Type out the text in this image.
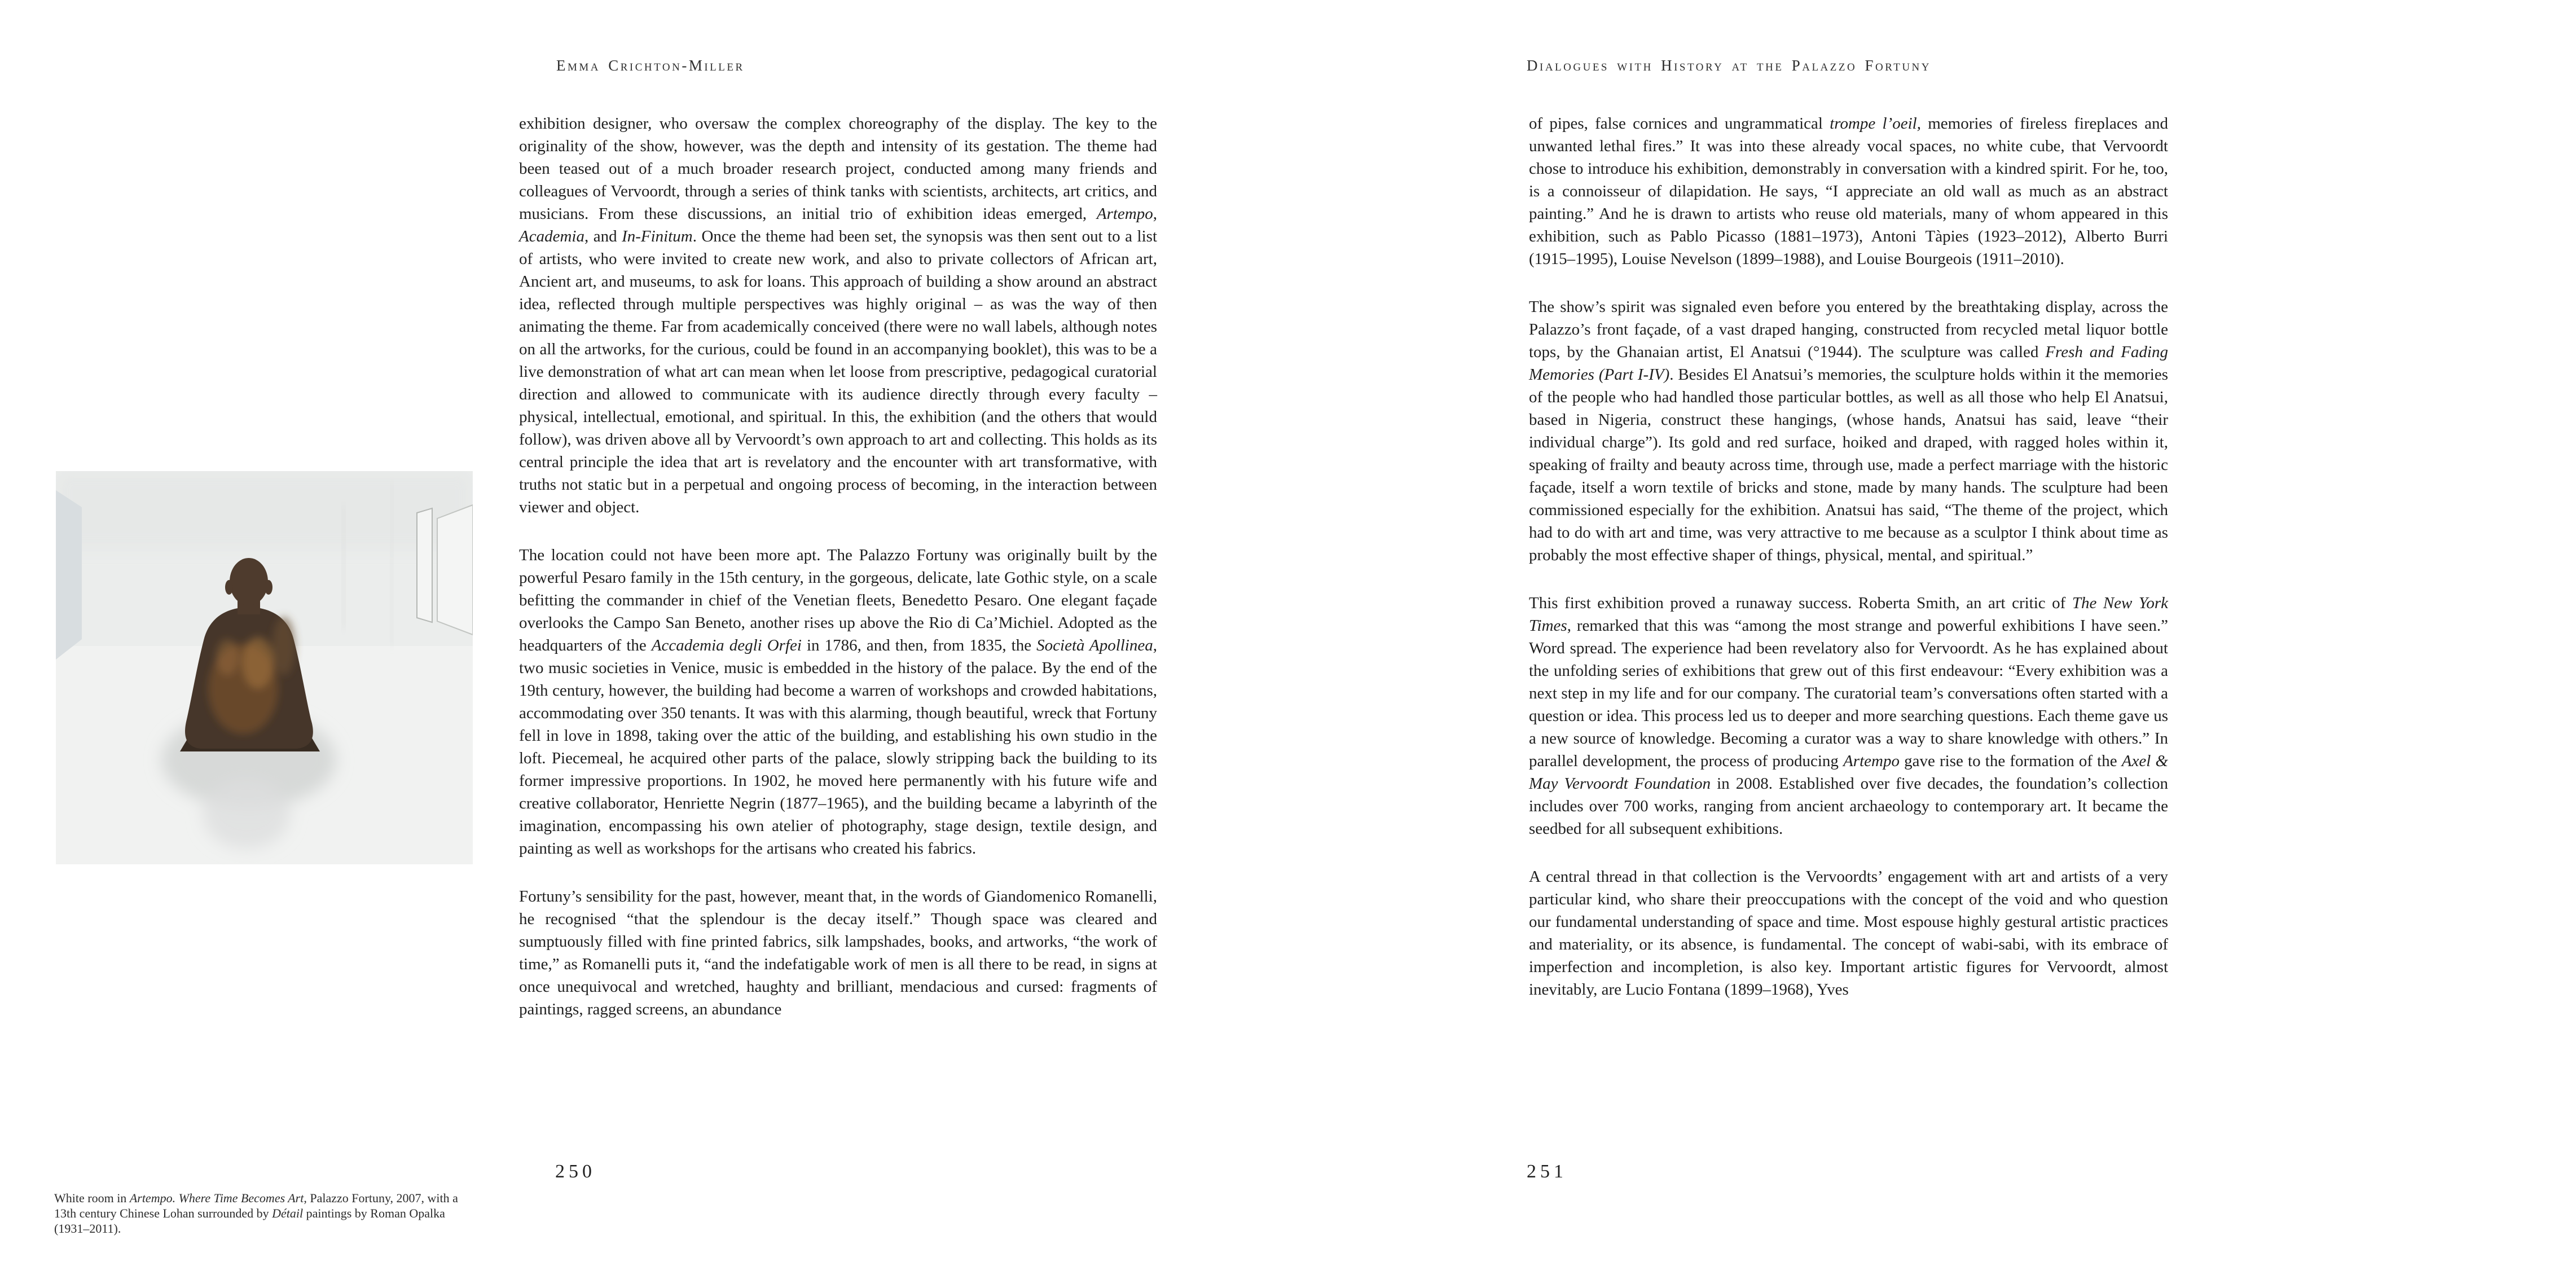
Emma Crichton-Miller	Dialogues with History at the Palazzo Fortuny

exhibition designer, who oversaw the complex choreography of the display. The key to the originality of the show, however, was the depth and intensity of its gestation. The theme had been teased out of a much broader research project, conducted among many friends and colleagues of Vervoordt, through a series of think tanks with scientists, architects, art critics, and musicians. From these discussions, an initial trio of exhibition ideas emerged, Artempo, Academia, and In-Finitum. Once the theme had been set, the synopsis was then sent out to a list of artists, who were invited to create new work, and also to private collectors of African art, Ancient art, and museums, to ask for loans. This approach of building a show around an abstract idea, reflected through multiple perspectives was highly original – as was the way of then animating the theme. Far from academically conceived (there were no wall labels, although notes on all the artworks, for the curious, could be found in an accompanying booklet), this was to be a live demonstration of what art can mean when let loose from prescriptive, pedagogical curatorial direction and allowed to communicate with its audience directly through every faculty – physical, intellectual, emotional, and spiritual. In this, the exhibition (and the others that would follow), was driven above all by Vervoordt’s own approach to art and collecting. This holds as its central principle the idea that art is revelatory and the encounter with art transformative, with truths not static but in a perpetual and ongoing process of becoming, in the interaction between viewer and object.

The location could not have been more apt. The Palazzo Fortuny was originally built by the powerful Pesaro family in the 15th century, in the gorgeous, delicate, late Gothic style, on a scale befitting the commander in chief of the Venetian fleets, Benedetto Pesaro. One elegant façade overlooks the Campo San Beneto, another rises up above the Rio di Ca’Michiel. Adopted as the headquarters of the Accademia degli Orfei in 1786, and then, from 1835, the Società Apollinea, two music societies in Venice, music is embedded in the history of the palace. By the end of the 19th century, however, the building had become a warren of workshops and crowded habitations, accommodating over 350 tenants. It was with this alarming, though beautiful, wreck that Fortuny fell in love in 1898, taking over the attic of the building, and establishing his own studio in the loft. Piecemeal, he acquired other parts of the palace, slowly stripping back the building to its former impressive proportions. In 1902, he moved here permanently with his future wife and creative collaborator, Henriette Negrin (1877–1965), and the building became a labyrinth of the imagination, encompassing his own atelier of photography, stage design, textile design, and painting as well as workshops for the artisans who created his fabrics.

Fortuny’s sensibility for the past, however, meant that, in the words of Giandomenico Romanelli, he recognised “that the splendour is the decay itself.” Though space was cleared and sumptuously filled with fine printed fabrics, silk lampshades, books, and artworks, “the work of time,” as Romanelli puts it, “and the indefatigable work of men is all there to be read, in signs at once unequivocal and wretched, haughty and brilliant, mendacious and cursed: fragments of paintings, ragged screens, an abundance

of pipes, false cornices and ungrammatical trompe l’oeil, memories of fireless fireplaces and unwanted lethal fires.” It was into these already vocal spaces, no white cube, that Vervoordt chose to introduce his exhibition, demonstrably in conversation with a kindred spirit. For he, too, is a connoisseur of dilapidation. He says, “I appreciate an old wall as much as an abstract painting.” And he is drawn to artists who reuse old materials, many of whom appeared in this exhibition, such as Pablo Picasso (1881–1973), Antoni Tàpies (1923–2012), Alberto Burri (1915–1995), Louise Nevelson (1899–1988), and Louise Bourgeois (1911–2010).

The show’s spirit was signaled even before you entered by the breathtaking display, across the Palazzo’s front façade, of a vast draped hanging, constructed from recycled metal liquor bottle tops, by the Ghanaian artist, El Anatsui (°1944). The sculpture was called Fresh and Fading Memories (Part I-IV). Besides El Anatsui’s memories, the sculpture holds within it the memories of the people who had handled those particular bottles, as well as all those who help El Anatsui, based in Nigeria, construct these hangings, (whose hands, Anatsui has said, leave “their individual charge”). Its gold and red surface, hoiked and draped, with ragged holes within it, speaking of frailty and beauty across time, through use, made a perfect marriage with the historic façade, itself a worn textile of bricks and stone, made by many hands. The sculpture had been commissioned especially for the exhibition. Anatsui has said, “The theme of the project, which had to do with art and time, was very attractive to me because as a sculptor I think about time as probably the most effective shaper of things, physical, mental, and spiritual.”

This first exhibition proved a runaway success. Roberta Smith, an art critic of The New York Times, remarked that this was “among the most strange and powerful exhibitions I have seen.” Word spread. The experience had been revelatory also for Vervoordt. As he has explained about the unfolding series of exhibitions that grew out of this first endeavour: “Every exhibition was a next step in my life and for our company. The curatorial team’s conversations often started with a question or idea. This process led us to deeper and more searching questions. Each theme gave us a new source of knowledge. Becoming a curator was a way to share knowledge with others.” In parallel development, the process of producing Artempo gave rise to the formation of the Axel & May Vervoordt Foundation in 2008. Established over five decades, the foundation’s collection includes over 700 works, ranging from ancient archaeology to contemporary art. It became the seedbed for all subsequent exhibitions.

A central thread in that collection is the Vervoordts’ engagement with art and artists of a very particular kind, who share their preoccupations with the concept of the void and who question our fundamental understanding of space and time. Most espouse highly gestural artistic practices and materiality, or its absence, is fundamental. The concept of wabi-sabi, with its embrace of imperfection and incompletion, is also key. Important artistic figures for Vervoordt, almost inevitably, are Lucio Fontana (1899–1968), Yves

250	251
White room in Artempo. Where Time Becomes Art, Palazzo Fortuny, 2007, with a 13th century Chinese Lohan surrounded by Détail paintings by Roman Opalka (1931–2011).
